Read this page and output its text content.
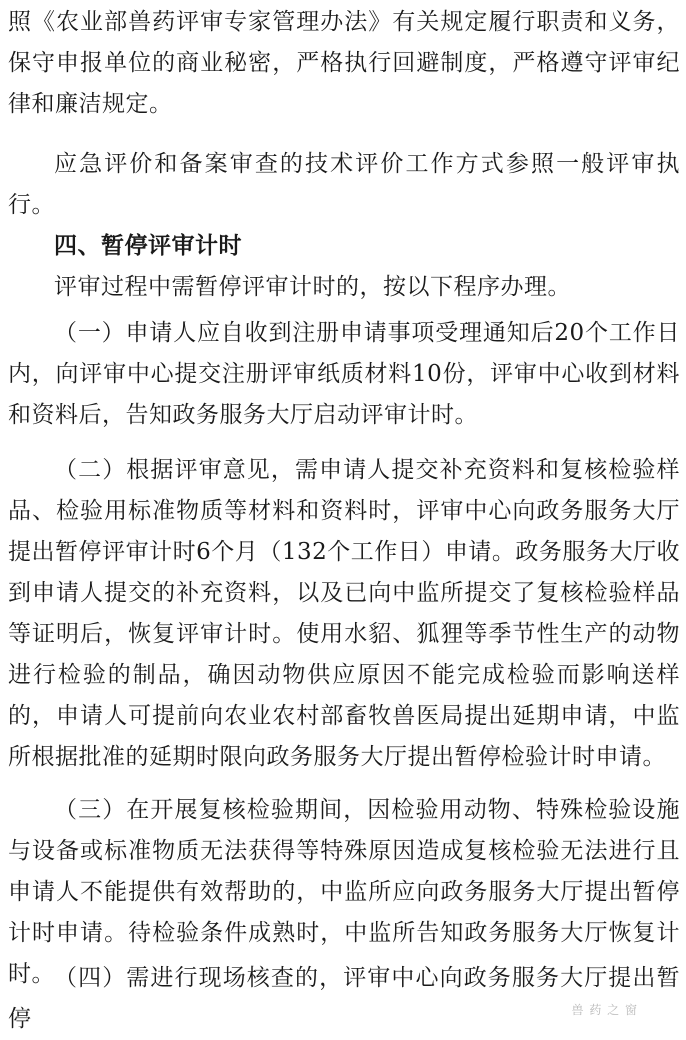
照《农业部兽药评审专家管理办法》有关规定履行职责和义务，保守申报单位的商业秘密，严格执行回避制度，严格遵守评审纪律和廉洁规定。

应急评价和备案审查的技术评价工作方式参照一般评审执行。

四、暂停评审计时

评审过程中需暂停评审计时的，按以下程序办理。

（一）申请人应自收到注册申请事项受理通知后20个工作日内，向评审中心提交注册评审纸质材料10份，评审中心收到材料和资料后，告知政务服务大厅启动评审计时。

（二）根据评审意见，需申请人提交补充资料和复核检验样品、检验用标准物质等材料和资料时，评审中心向政务服务大厅提出暂停评审计时6个月（132个工作日）申请。政务服务大厅收到申请人提交的补充资料，以及已向中监所提交了复核检验样品等证明后，恢复评审计时。使用水貂、狐狸等季节性生产的动物进行检验的制品，确因动物供应原因不能完成检验而影响送样的，申请人可提前向农业农村部畜牧兽医局提出延期申请，中监所根据批准的延期时限向政务服务大厅提出暂停检验计时申请。

（三）在开展复核检验期间，因检验用动物、特殊检验设施与设备或标准物质无法获得等特殊原因造成复核检验无法进行且申请人不能提供有效帮助的，中监所应向政务服务大厅提出暂停计时申请。待检验条件成熟时，中监所告知政务服务大厅恢复计时。 （四）需进行现场核查的，评审中心向政务服务大厅提出暂停	兽 药 之 窗
